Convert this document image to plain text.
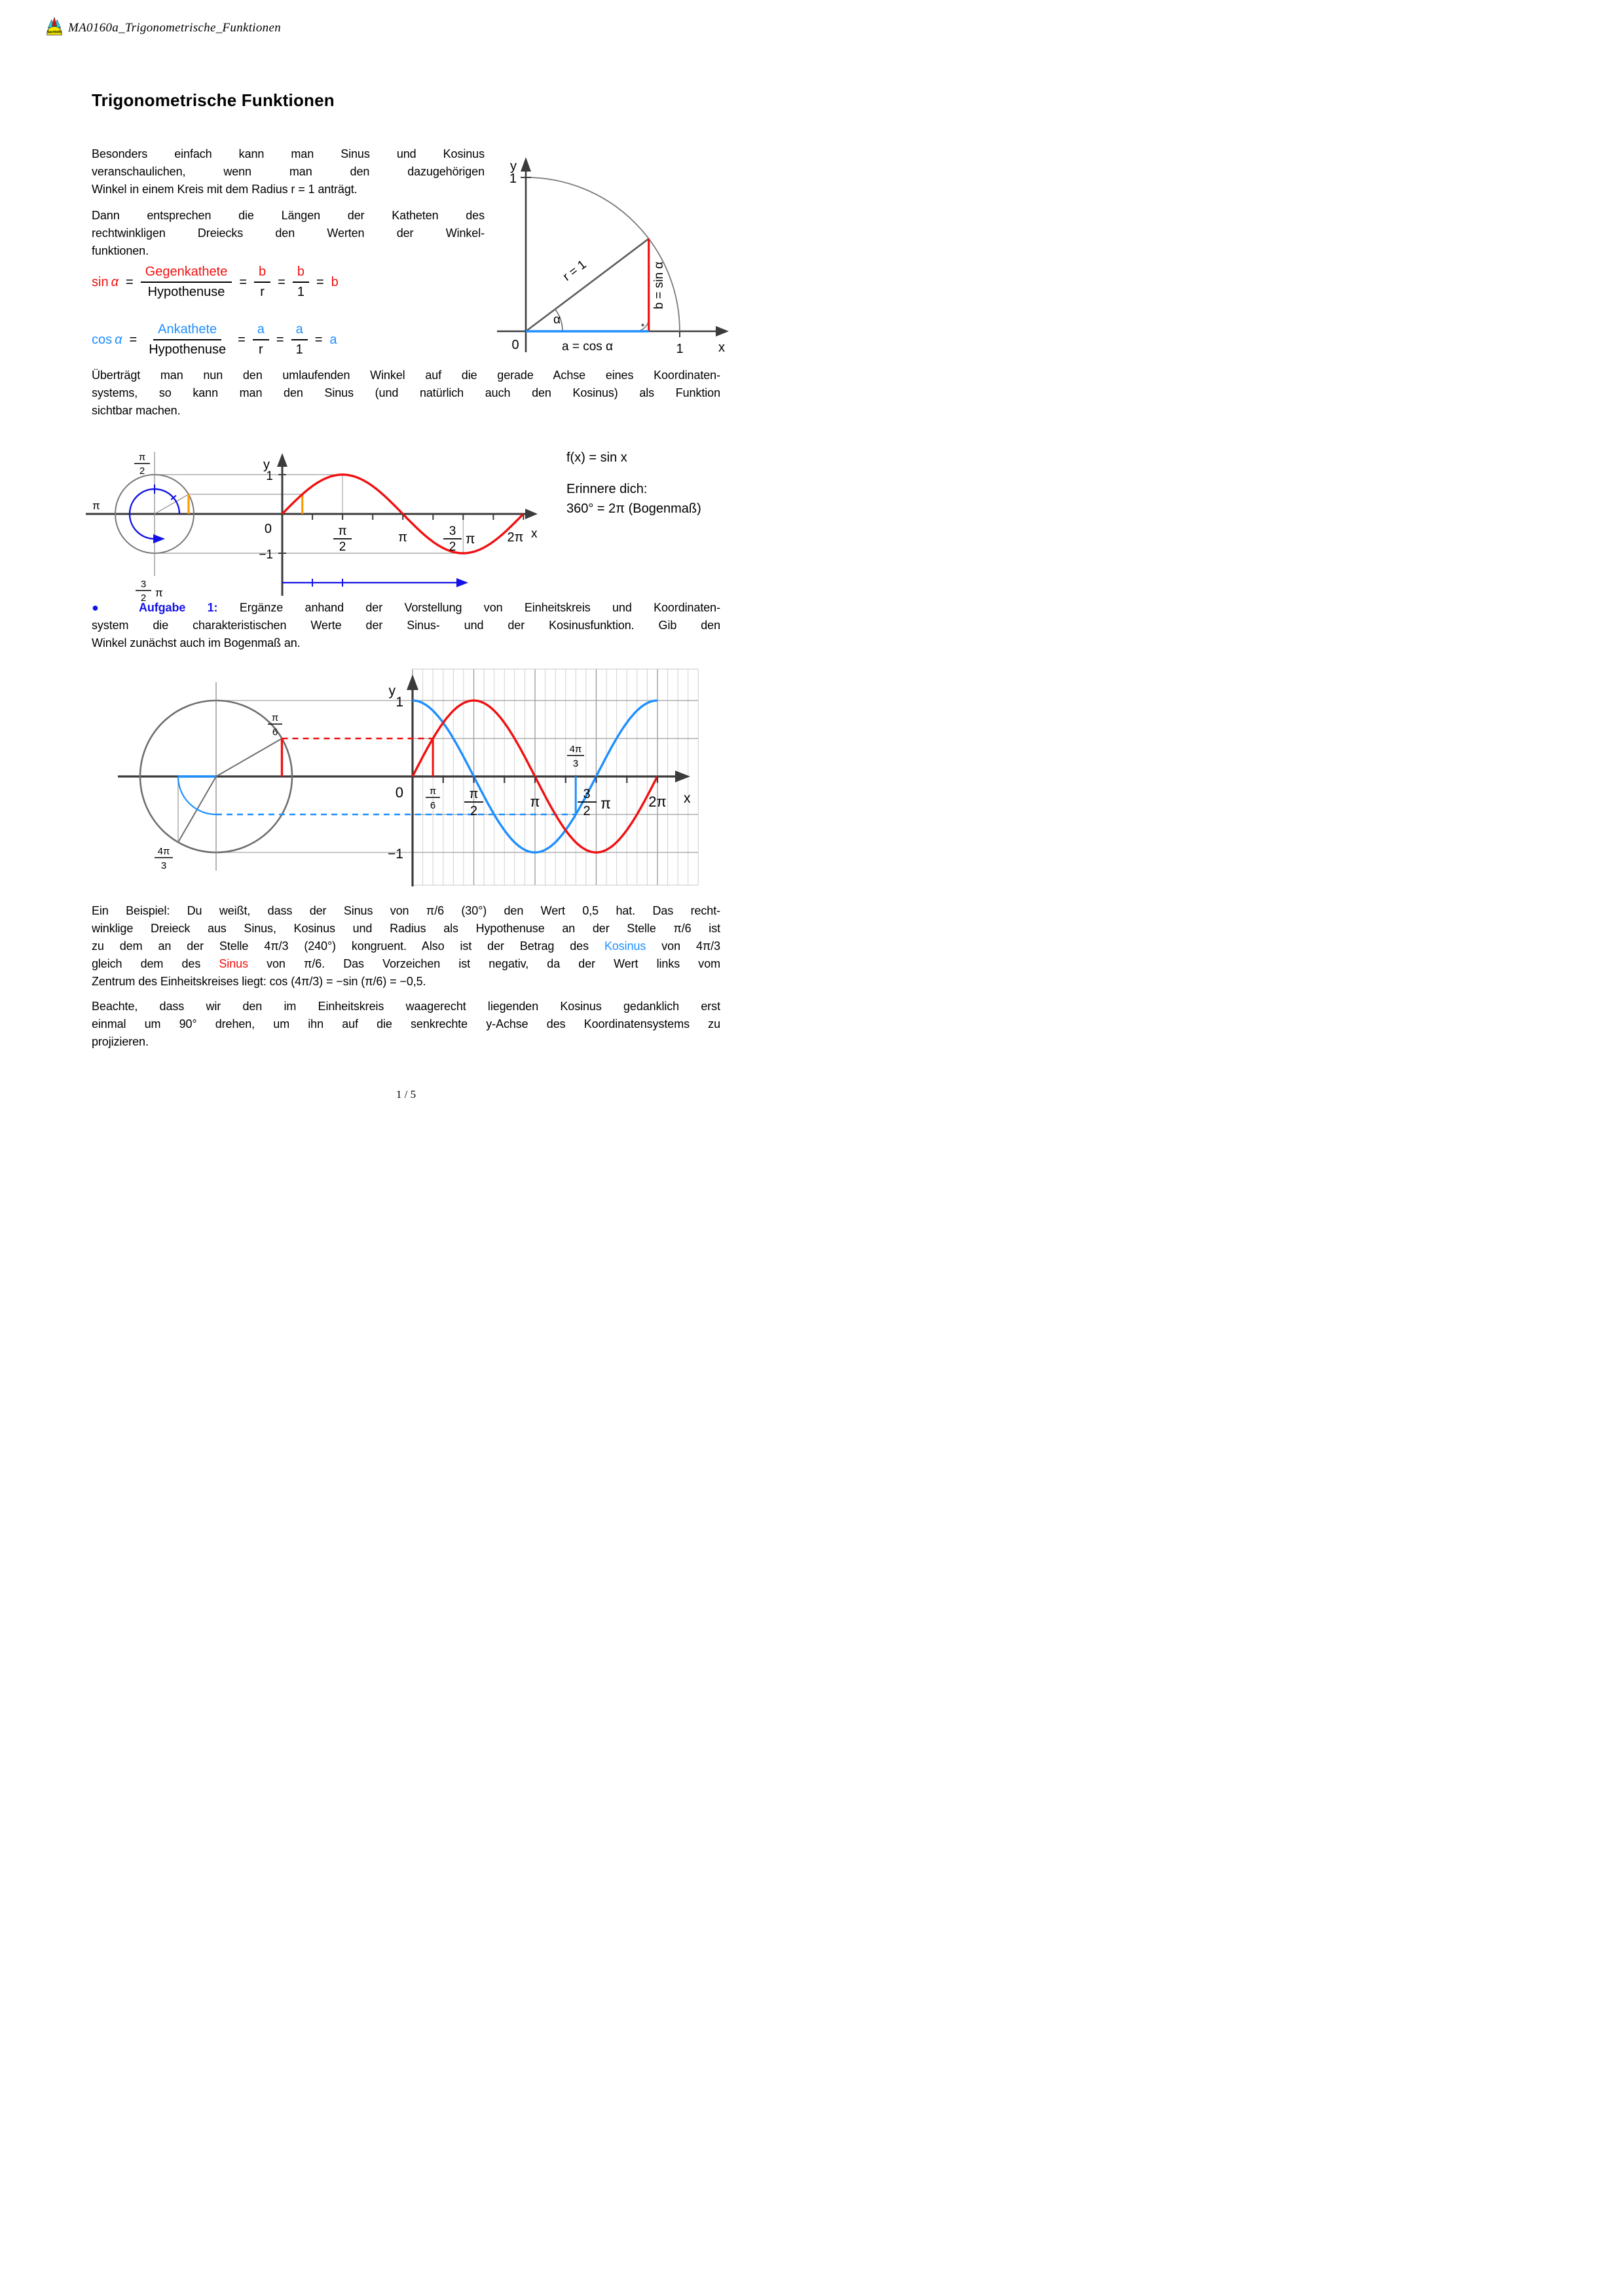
Nachhilfe MA0160a_Trigonometrische_Funktionen
Trigonometrische Funktionen
Besonders einfach kann man Sinus und Kosinus
veranschaulichen, wenn man den dazugehörigen
Winkel in einem Kreis mit dem Radius r = 1 anträgt.
Dann entsprechen die Längen der Katheten des
rechtwinkligen Dreiecks den Werten der Winkel-
funktionen.
$\sin \alpha = \frac{\text{Gegenkathete}}{\text{Hypothenuse}} = \frac{b}{r} = \frac{b}{1} = b$
$\cos \alpha = \frac{\text{Ankathete}}{\text{Hypothenuse}} = \frac{a}{r} = \frac{a}{1} = a$
y
1
0	1	x
α
r = 1	b = sin α
a = cos α
Überträgt man nun den umlaufenden Winkel auf die gerade Achse eines Koordinaten-
systems, so kann man den Sinus (und natürlich auch den Kosinus) als Funktion
sichtbar machen.
y
1
0
−1
π
2
π
3
2 π
π
2
π	3
2
π 2π x
f(x) = sin x
Erinnere dich:
360° = 2π (Bogenmaß)
● Aufgabe 1: Ergänze anhand der Vorstellung von Einheitskreis und Koordinaten-
system die charakteristischen Werte der Sinus- und der Kosinusfunktion. Gib den
Winkel zunächst auch im Bogenmaß an.
y
1
0
−1
π
6
4π
3
π
6
π
2
π	3
2 π	2π
4π
3
x
Ein Beispiel: Du weißt, dass der Sinus von π/6 (30°) den Wert 0,5 hat. Das recht-
winklige Dreieck aus Sinus, Kosinus und Radius als Hypothenuse an der Stelle π/6 ist
zu dem an der Stelle 4π/3 (240°) kongruent. Also ist der Betrag des Kosinus von 4π/3
gleich dem des Sinus von π/6. Das Vorzeichen ist negativ, da der Wert links vom
Zentrum des Einheitskreises liegt: cos (4π/3) = −sin (π/6) = −0,5.
Beachte, dass wir den im Einheitskreis waagerecht liegenden Kosinus gedanklich erst
einmal um 90° drehen, um ihn auf die senkrechte y-Achse des Koordinatensystems zu
projizieren.
1 / 5
